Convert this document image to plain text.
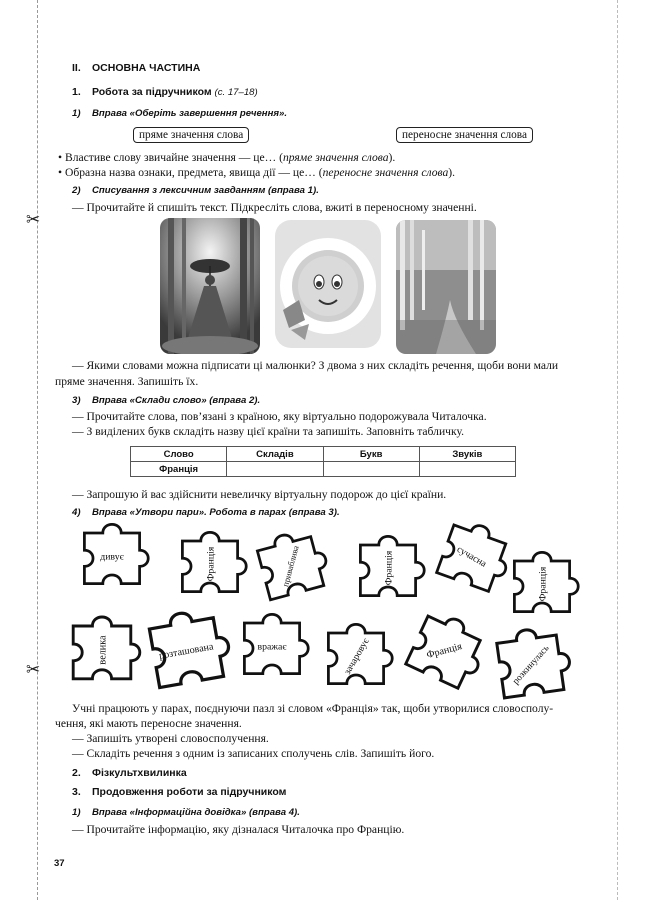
✂
✂
II. ОСНОВНА ЧАСТИНА
1. Робота за підручником (с. 17–18)
1) Вправа «Оберіть завершення речення».
пряме значення слова	переносне значення слова
• Властиве слову звичайне значення — це… (пряме значення слова).
• Образна назва ознаки, предмета, явища дії — це… (переносне значення слова).
2) Списування з лексичним завданням (вправа 1).
— Прочитайте й спишіть текст. Підкресліть слова, вжиті в переносному значенні.
— Якими словами можна підписати ці малюнки? З двома з них складіть речення, щоби вони мали
пряме значення. Запишіть їх.
3) Вправа «Склади слово» (вправа 2).
— Прочитайте слова, пов’язані з країною, яку віртуально подорожувала Читалочка.
— З виділених букв складіть назву цієї країни та запишіть. Заповніть табличку.
Слово	Складів	Букв	Звуків
Франція			
— Запрошую й вас здійснити невеличку віртуальну подорож до цієї країни.
4) Вправа «Утвори пари». Робота в парах (вправа 3).
дивує	Франція	приваблива	Франція	сучасна
Франція
велика	розташована	вражає	зачаровує	Франція	розкинулась
Учні працюють у парах, поєднуючи пазл зі словом «Франція» так, щоби утворилися словосполу-
чення, які мають переносне значення.
— Запишіть утворені словосполучення.
— Складіть речення з одним із записаних сполучень слів. Запишіть його.
2. Фізкультхвилинка
3. Продовження роботи за підручником
1) Вправа «Інформаційна довідка» (вправа 4).
— Прочитайте інформацію, яку дізналася Читалочка про Францію.
37
